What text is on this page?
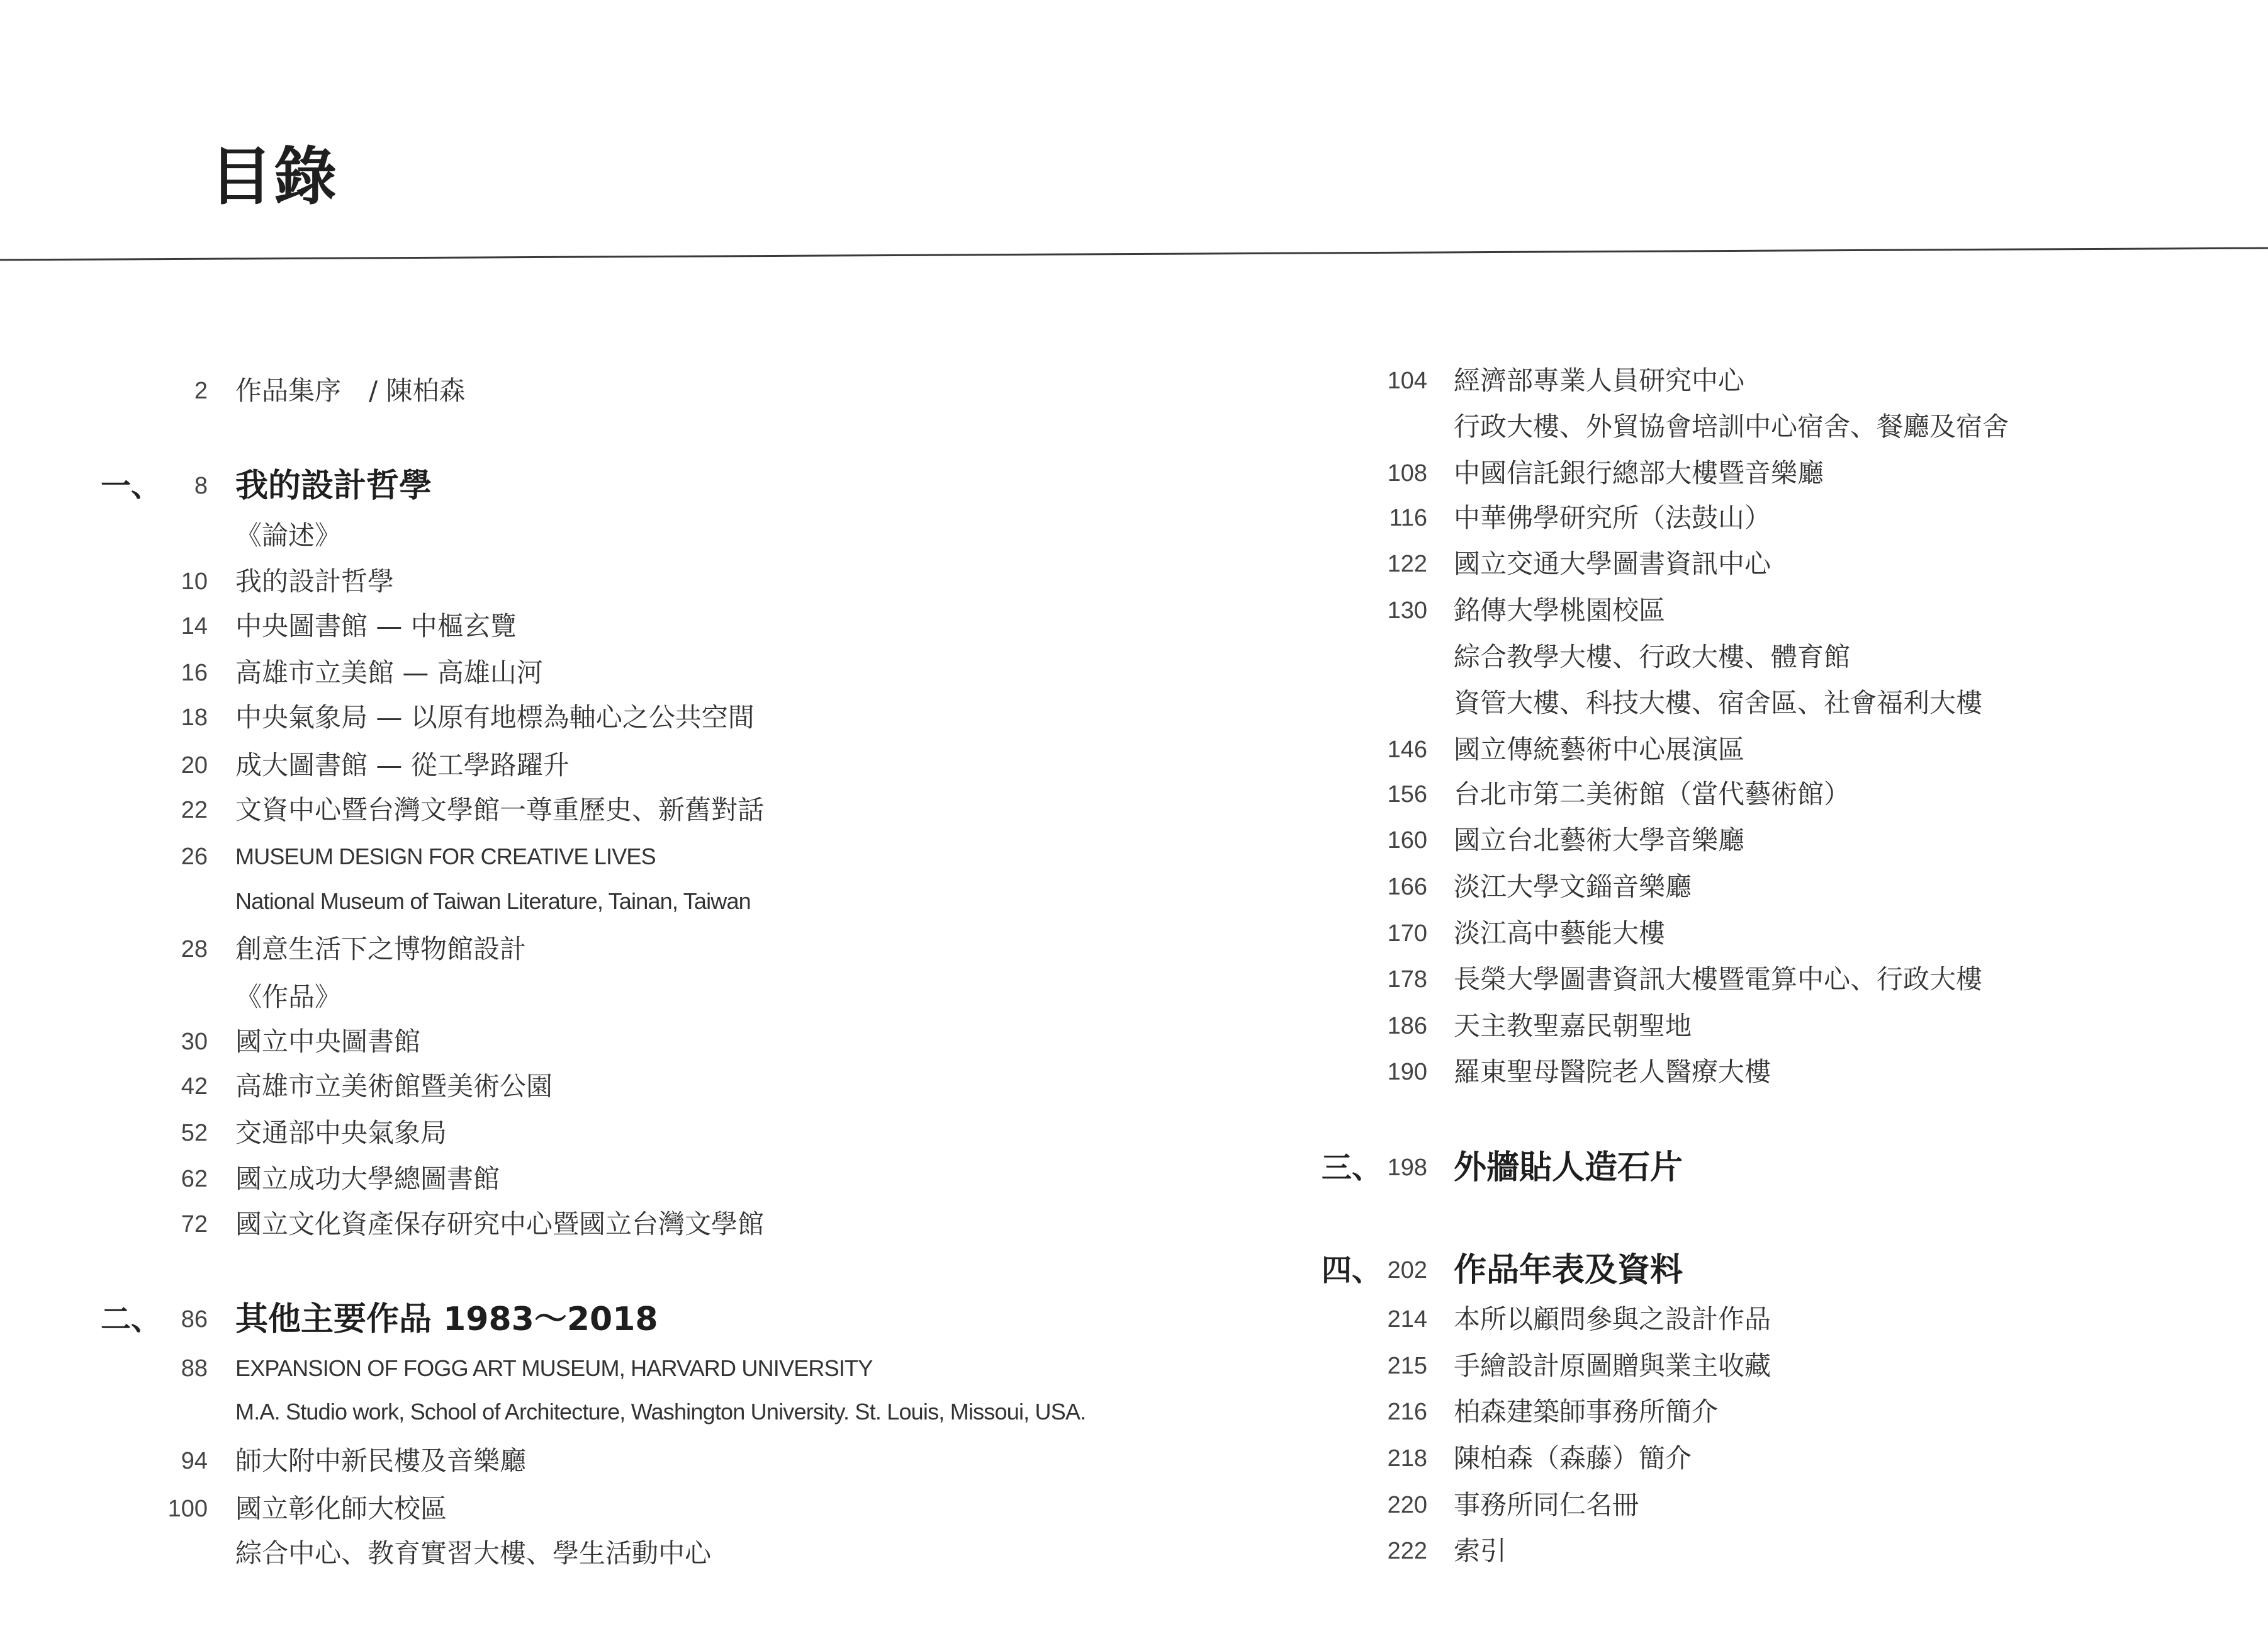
目錄
2 作品集序 / 陳柏森
一、	8 我的設計哲學
《論述》
10 我的設計哲學
14 中央圖書館 — 中樞玄覽
16 高雄市立美館 — 高雄山河
18 中央氣象局 — 以原有地標為軸心之公共空間
20 成大圖書館 — 從工學路躍升
22 文資中心暨台灣文學館一尊重歷史、新舊對話
26 MUSEUM DESIGN FOR CREATIVE LIVES
National Museum of Taiwan Literature, Tainan, Taiwan
28 創意生活下之博物館設計
《作品》
30 國立中央圖書館
42 高雄市立美術館暨美術公園
52 交通部中央氣象局
62 國立成功大學總圖書館
72 國立文化資產保存研究中心暨國立台灣文學館
二、 86 其他主要作品 1983～2018
88 EXPANSION OF FOGG ART MUSEUM, HARVARD UNIVERSITY
M.A. Studio work, School of Architecture, Washington University. St. Louis, Missoui, USA.
94 師大附中新民樓及音樂廳
100 國立彰化師大校區
綜合中心、教育實習大樓、學生活動中心
104 經濟部專業人員研究中心
行政大樓、外貿協會培訓中心宿舍、餐廳及宿舍
108 中國信託銀行總部大樓暨音樂廳
116 中華佛學研究所（法鼓山）
122 國立交通大學圖書資訊中心
130 銘傳大學桃園校區
綜合教學大樓、行政大樓、體育館
資管大樓、科技大樓、宿舍區、社會福利大樓
146 國立傳統藝術中心展演區
156 台北市第二美術館（當代藝術館）
160 國立台北藝術大學音樂廳
166 淡江大學文錙音樂廳
170 淡江高中藝能大樓
178 長榮大學圖書資訊大樓暨電算中心、行政大樓
186 天主教聖嘉民朝聖地
190 羅東聖母醫院老人醫療大樓
三、 198 外牆貼人造石片
四、 202 作品年表及資料
214 本所以顧問參與之設計作品
215 手繪設計原圖贈與業主收藏
216 柏森建築師事務所簡介
218 陳柏森（森藤）簡介
220 事務所同仁名冊
222 索引
